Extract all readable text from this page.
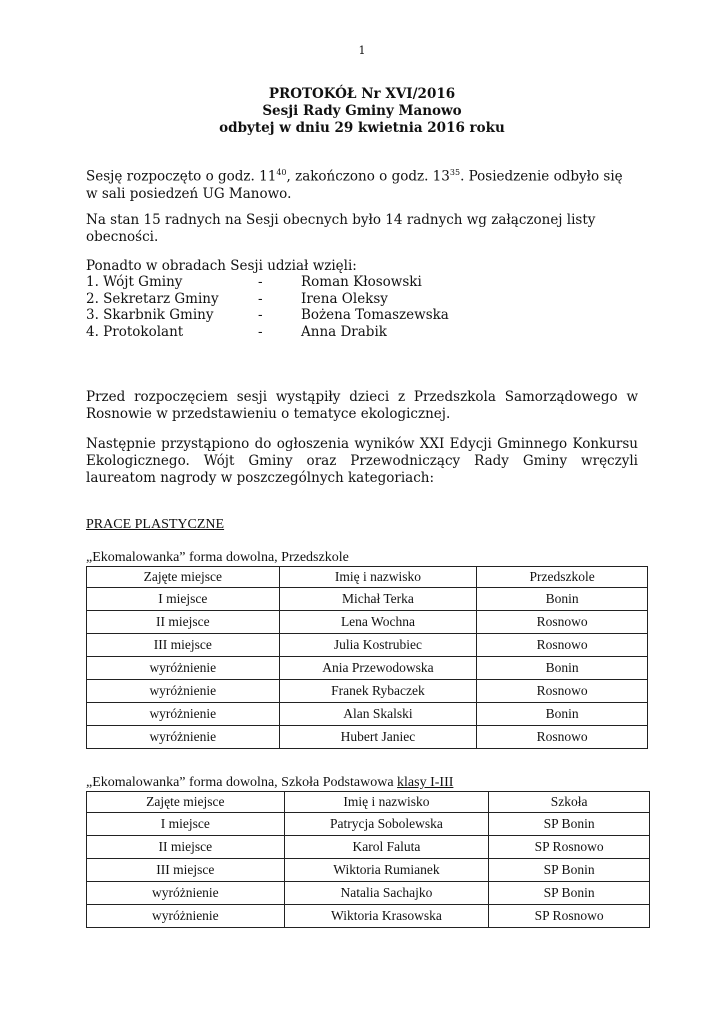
1
PROTOKÓŁ Nr XVI/2016
Sesji Rady Gminy Manowo
odbytej w dniu 29 kwietnia 2016 roku
Sesję rozpoczęto o godz. $11^{40}$, zakończono o godz. $13^{35}$. Posiedzenie odbyło się w sali posiedzeń UG Manowo.
Na stan 15 radnych na Sesji obecnych było 14 radnych wg załączonej listy obecności.
Ponadto w obradach Sesji udział wzięli:
1. Wójt Gminy	-	Roman Kłosowski
2. Sekretarz Gminy	-	Irena Oleksy
3. Skarbnik Gminy	-	Bożena Tomaszewska
4. Protokolant	-	Anna Drabik
Przed rozpoczęciem sesji wystąpiły dzieci z Przedszkola Samorządowego w Rosnowie w przedstawieniu o tematyce ekologicznej.
Następnie przystąpiono do ogłoszenia wyników XXI Edycji Gminnego Konkursu Ekologicznego. Wójt Gminy oraz Przewodniczący Rady Gminy wręczyli laureatom nagrody w poszczególnych kategoriach:
PRACE PLASTYCZNE
„Ekomalowanka” forma dowolna, Przedszkole
Zajęte miejsce	Imię i nazwisko	Przedszkole
I miejsce	Michał Terka	Bonin
II miejsce	Lena Wochna	Rosnowo
III miejsce	Julia Kostrubiec	Rosnowo
wyróżnienie	Ania Przewodowska	Bonin
wyróżnienie	Franek Rybaczek	Rosnowo
wyróżnienie	Alan Skalski	Bonin
wyróżnienie	Hubert Janiec	Rosnowo
„Ekomalowanka” forma dowolna, Szkoła Podstawowa klasy I-III
Zajęte miejsce	Imię i nazwisko	Szkoła
I miejsce	Patrycja Sobolewska	SP Bonin
II miejsce	Karol Faluta	SP Rosnowo
III miejsce	Wiktoria Rumianek	SP Bonin
wyróżnienie	Natalia Sachajko	SP Bonin
wyróżnienie	Wiktoria Krasowska	SP Rosnowo
